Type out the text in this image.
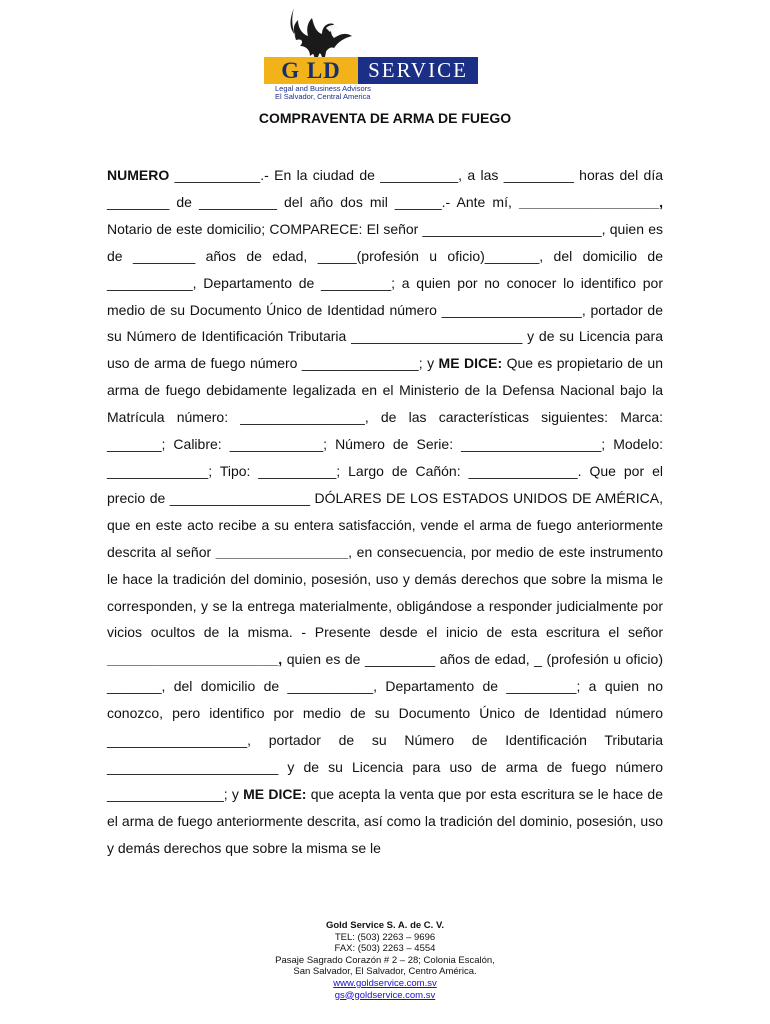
G LD	SERVICE
Legal and Business Advisors
El Salvador, Central America
COMPRAVENTA DE ARMA DE FUEGO

NUMERO ___________.- En la ciudad de __________, a las _________ horas del día ________ de __________ del año dos mil ______.- Ante mí, __________________, Notario de este domicilio; COMPARECE: El señor _______________________, quien es de ________ años de edad, _____(profesión u oficio)_______, del domicilio de ___________, Departamento de _________; a quien por no conocer lo identifico por medio de su Documento Único de Identidad número __________________, portador de su Número de Identificación Tributaria ______________________ y de su Licencia para uso de arma de fuego número _______________; y ME DICE: Que es propietario de un arma de fuego debidamente legalizada en el Ministerio de la Defensa Nacional bajo la Matrícula número: ________________, de las características siguientes: Marca: _______; Calibre: ____________; Número de Serie: __________________; Modelo: _____________; Tipo: __________; Largo de Cañón: ______________. Que por el precio de __________________ DÓLARES DE LOS ESTADOS UNIDOS DE AMÉRICA, que en este acto recibe a su entera satisfacción, vende el arma de fuego anteriormente descrita al señor _________________, en consecuencia, por medio de este instrumento le hace la tradición del dominio, posesión, uso y demás derechos que sobre la misma le corresponden, y se la entrega materialmente, obligándose a responder judicialmente por vicios ocultos de la misma. - Presente desde el inicio de esta escritura el señor ______________________, quien es de _________ años de edad, _ (profesión u oficio) _______, del domicilio de ___________, Departamento de _________; a quien no conozco, pero identifico por medio de su Documento Único de Identidad número __________________, portador de su Número de Identificación Tributaria ______________________ y de su Licencia para uso de arma de fuego número _______________; y ME DICE: que acepta la venta que por esta escritura se le hace de el arma de fuego anteriormente descrita, así como la tradición del dominio, posesión, uso y demás derechos que sobre la misma se le

Gold Service S. A. de C. V.
TEL: (503) 2263 – 9696
FAX: (503) 2263 – 4554
Pasaje Sagrado Corazón # 2 – 28; Colonia Escalón,
San Salvador, El Salvador, Centro América.
www.goldservice.com.sv
gs@goldservice.com.sv
